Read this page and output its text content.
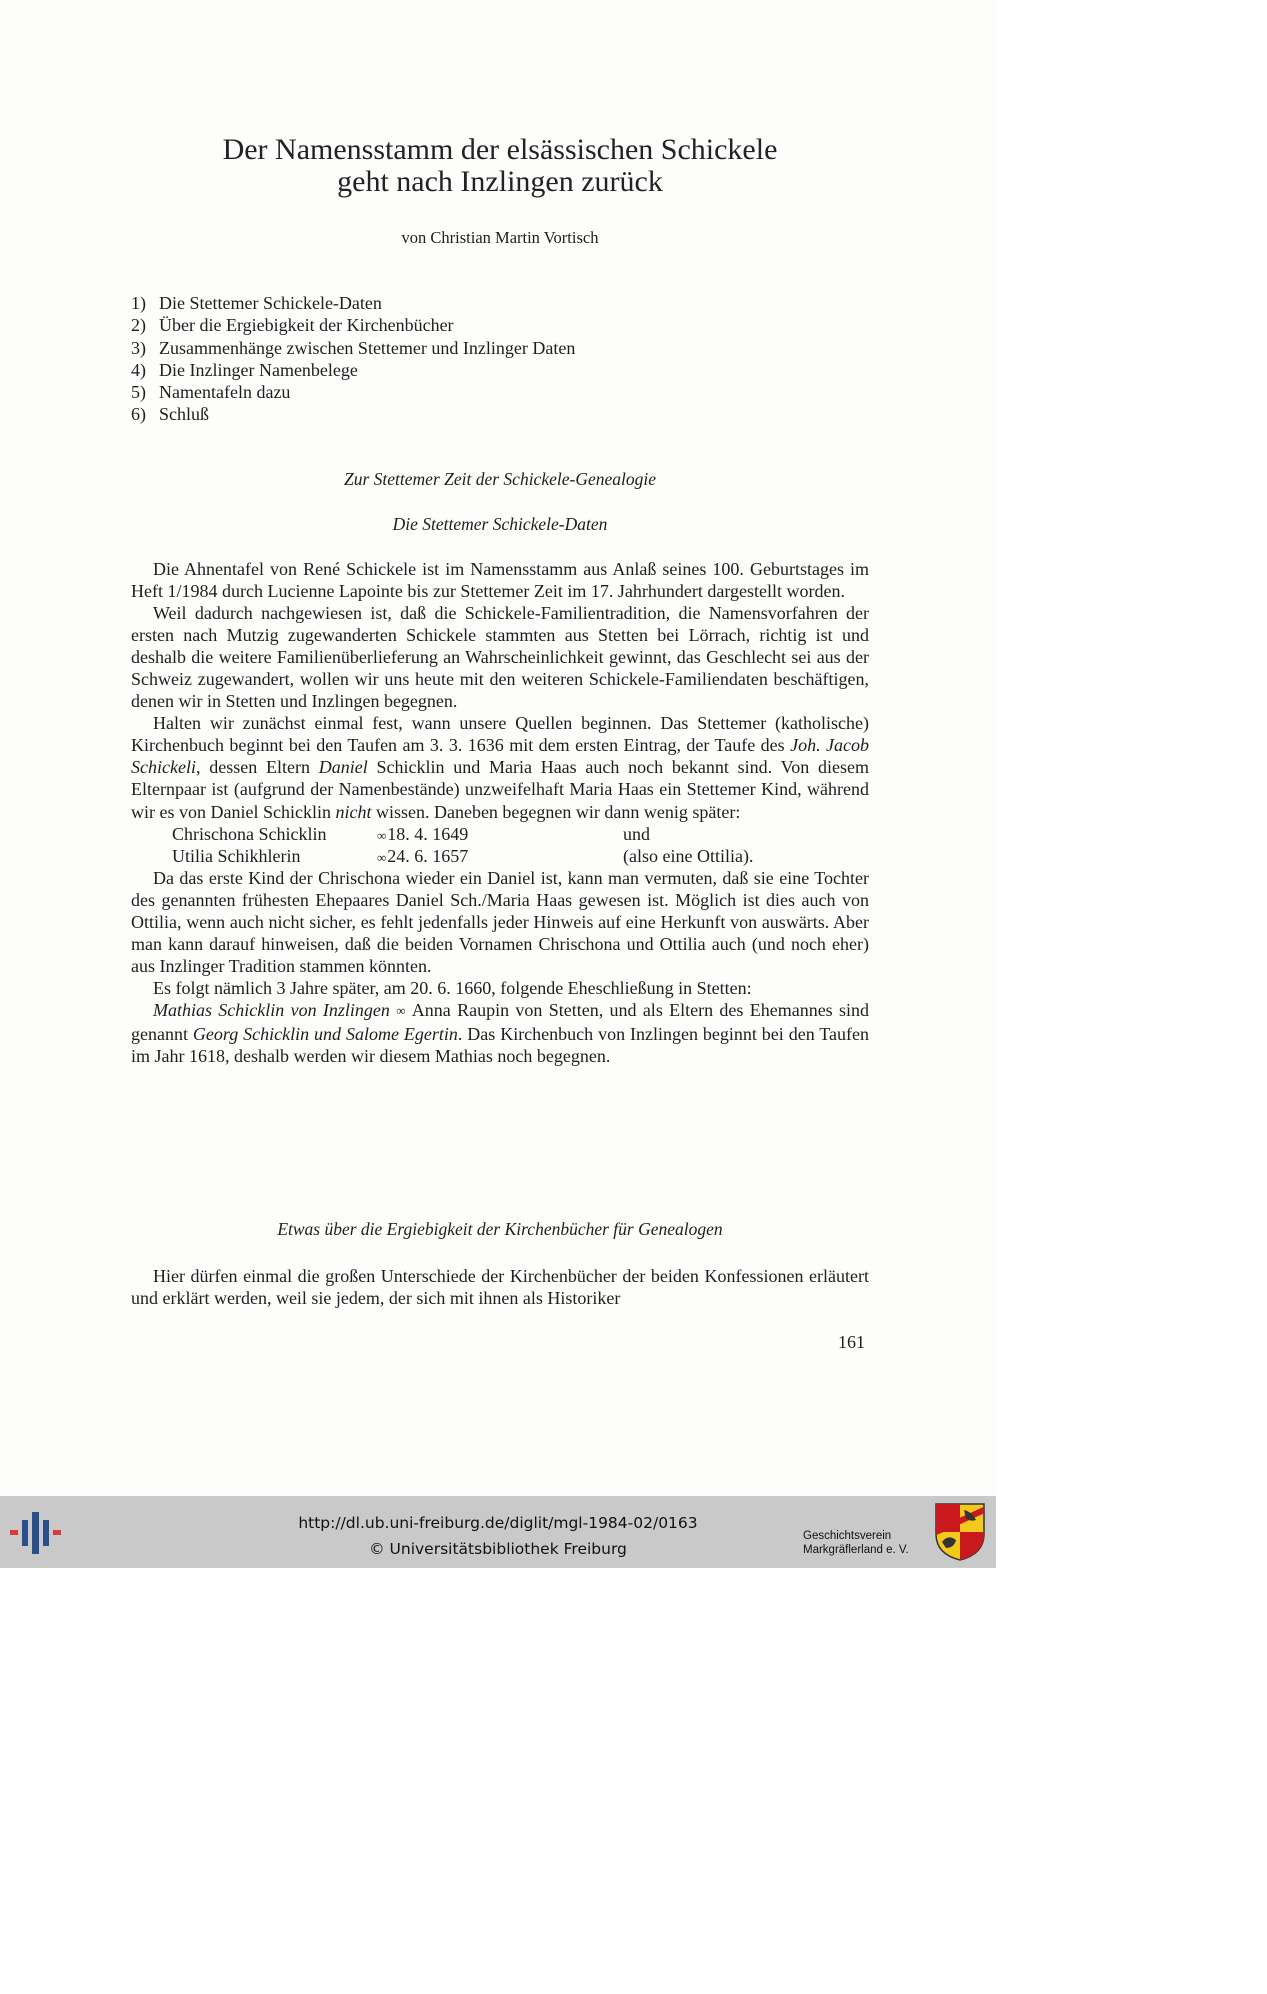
Der Namensstamm der elsässischen Schickele
geht nach Inzlingen zurück
von Christian Martin Vortisch
1) Die Stettemer Schickele-Daten
2) Über die Ergiebigkeit der Kirchenbücher
3) Zusammenhänge zwischen Stettemer und Inzlinger Daten
4) Die Inzlinger Namenbelege
5) Namentafeln dazu
6) Schluß
Zur Stettemer Zeit der Schickele-Genealogie
Die Stettemer Schickele-Daten

Die Ahnentafel von René Schickele ist im Namensstamm aus Anlaß seines 100. Geburtstages im Heft 1/1984 durch Lucienne Lapointe bis zur Stettemer Zeit im 17. Jahrhundert dargestellt worden.

Weil dadurch nachgewiesen ist, daß die Schickele-Familientradition, die Namensvorfahren der ersten nach Mutzig zugewanderten Schickele stammten aus Stetten bei Lörrach, richtig ist und deshalb die weitere Familienüberlieferung an Wahrscheinlichkeit gewinnt, das Geschlecht sei aus der Schweiz zugewandert, wollen wir uns heute mit den weiteren Schickele-Familiendaten beschäftigen, denen wir in Stetten und Inzlingen begegnen.

Halten wir zunächst einmal fest, wann unsere Quellen beginnen. Das Stettemer (katholische) Kirchenbuch beginnt bei den Taufen am 3. 3. 1636 mit dem ersten Eintrag, der Taufe des Joh. Jacob Schickeli, dessen Eltern Daniel Schicklin und Maria Haas auch noch bekannt sind. Von diesem Elternpaar ist (aufgrund der Namenbestände) unzweifelhaft Maria Haas ein Stettemer Kind, während wir es von Daniel Schicklin nicht wissen. Daneben begegnen wir dann wenig später:

Chrischona Schicklin	∞ 18. 4. 1649	und
Utilia Schikhlerin	∞ 24. 6. 1657	(also eine Ottilia).

Da das erste Kind der Chrischona wieder ein Daniel ist, kann man vermuten, daß sie eine Tochter des genannten frühesten Ehepaares Daniel Sch./Maria Haas gewesen ist. Möglich ist dies auch von Ottilia, wenn auch nicht sicher, es fehlt jedenfalls jeder Hinweis auf eine Herkunft von auswärts. Aber man kann darauf hinweisen, daß die beiden Vornamen Chrischona und Ottilia auch (und noch eher) aus Inzlinger Tradition stammen könnten.

Es folgt nämlich 3 Jahre später, am 20. 6. 1660, folgende Eheschließung in Stetten:

Mathias Schicklin von Inzlingen ∞ Anna Raupin von Stetten, und als Eltern des Ehemannes sind genannt Georg Schicklin und Salome Egertin. Das Kirchenbuch von Inzlingen beginnt bei den Taufen im Jahr 1618, deshalb werden wir diesem Mathias noch begegnen.

Etwas über die Ergiebigkeit der Kirchenbücher für Genealogen

Hier dürfen einmal die großen Unterschiede der Kirchenbücher der beiden Konfessionen erläutert und erklärt werden, weil sie jedem, der sich mit ihnen als Historiker

161
http://dl.ub.uni-freiburg.de/diglit/mgl-1984-02/0163
© Universitätsbibliothek Freiburg
Geschichtsverein
Markgräflerland e. V.
